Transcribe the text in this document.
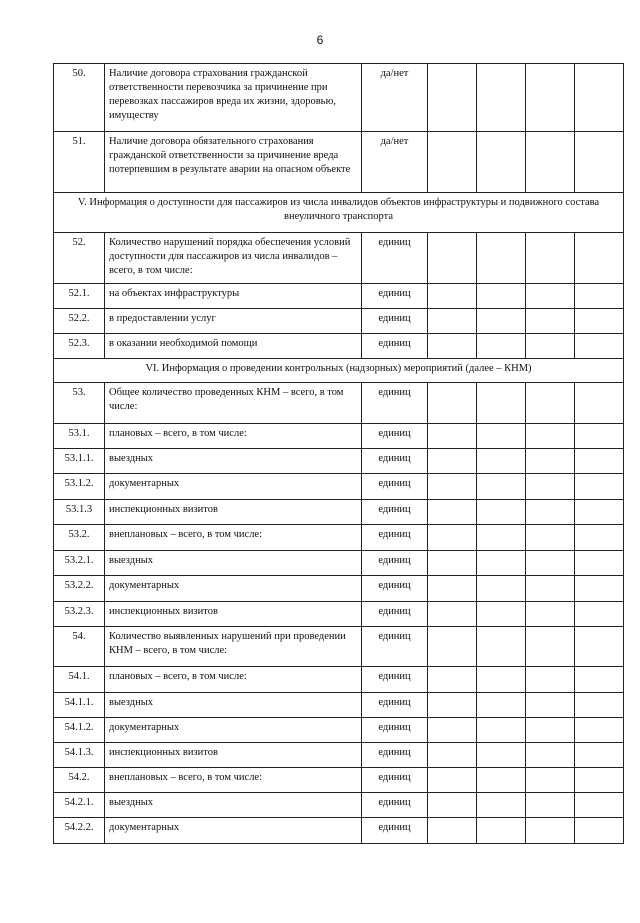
6
50.	Наличие договора страхования гражданской ответственности перевозчика за причинение при перевозках пассажиров вреда их жизни, здоровью, имуществу	да/нет				
51.	Наличие договора обязательного страхования гражданской ответственности за причинение вреда потерпевшим в результате аварии на опасном объекте	да/нет				
V. Информация о доступности для пассажиров из числа инвалидов объектов инфраструктуры и подвижного состава внеуличного транспорта						
52.	Количество нарушений порядка обеспечения условий доступности для пассажиров из числа инвалидов – всего, в том числе:	единиц				
52.1.	на объектах инфраструктуры	единиц				
52.2.	в предоставлении услуг	единиц				
52.3.	в оказании необходимой помощи	единиц				
VI. Информация о проведении контрольных (надзорных) мероприятий (далее – КНМ)						
53.	Общее количество проведенных КНМ – всего, в том числе:	единиц				
53.1.	плановых – всего, в том числе:	единиц				
53.1.1.	выездных	единиц				
53.1.2.	документарных	единиц				
53.1.3	инспекционных визитов	единиц				
53.2.	внеплановых – всего, в том числе:	единиц				
53.2.1.	выездных	единиц				
53.2.2.	документарных	единиц				
53.2.3.	инспекционных визитов	единиц				
54.	Количество выявленных нарушений при проведении КНМ – всего, в том числе:	единиц				
54.1.	плановых – всего, в том числе:	единиц				
54.1.1.	выездных	единиц				
54.1.2.	документарных	единиц				
54.1.3.	инспекционных визитов	единиц				
54.2.	внеплановых – всего, в том числе:	единиц				
54.2.1.	выездных	единиц				
54.2.2.	документарных	единиц				
